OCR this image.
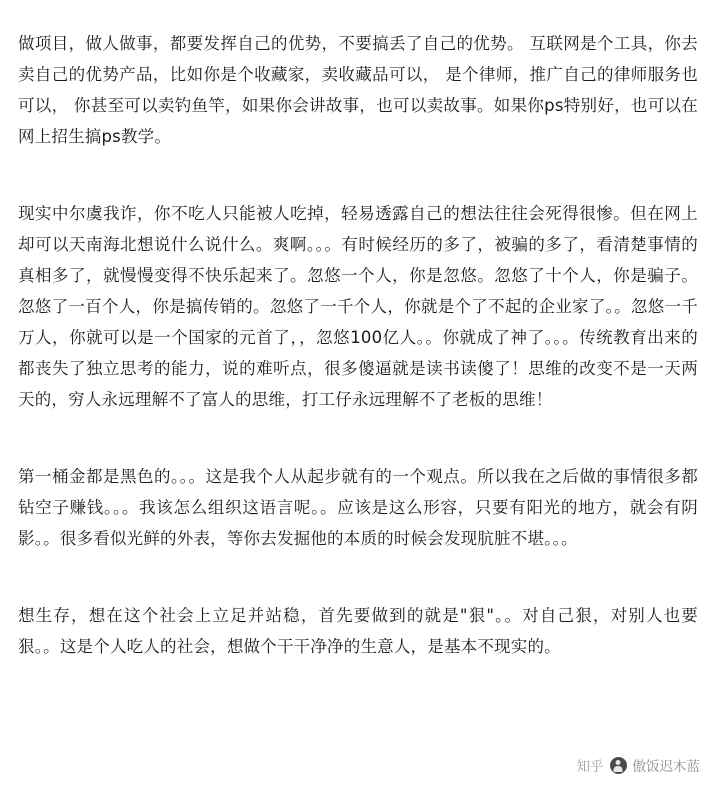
做项目，做人做事，都要发挥自己的优势，不要搞丢了自己的优势。 互联网是个工具，你去卖自己的优势产品，比如你是个收藏家，卖收藏品可以， 是个律师，推广自己的律师服务也可以， 你甚至可以卖钓鱼竿，如果你会讲故事，也可以卖故事。如果你ps特别好，也可以在网上招生搞ps教学。

现实中尔虞我诈，你不吃人只能被人吃掉，轻易透露自己的想法往往会死得很惨。但在网上却可以天南海北想说什么说什么。爽啊。。。有时候经历的多了，被骗的多了，看清楚事情的真相多了，就慢慢变得不快乐起来了。忽悠一个人，你是忽悠。忽悠了十个人，你是骗子。忽悠了一百个人，你是搞传销的。忽悠了一千个人，你就是个了不起的企业家了。。忽悠一千万人，你就可以是一个国家的元首了，，忽悠100亿人。。你就成了神了。。。传统教育出来的都丧失了独立思考的能力，说的难听点，很多傻逼就是读书读傻了！思维的改变不是一天两天的，穷人永远理解不了富人的思维，打工仔永远理解不了老板的思维！

第一桶金都是黑色的。。。这是我个人从起步就有的一个观点。所以我在之后做的事情很多都钻空子赚钱。。。我该怎么组织这语言呢。。应该是这么形容，只要有阳光的地方，就会有阴影。。很多看似光鲜的外表，等你去发掘他的本质的时候会发现肮脏不堪。。。

想生存，想在这个社会上立足并站稳，首先要做到的就是"狠"。。对自己狠，对别人也要狠。。这是个人吃人的社会，想做个干干净净的生意人，是基本不现实的。

知乎 傲饭迟木蓝
